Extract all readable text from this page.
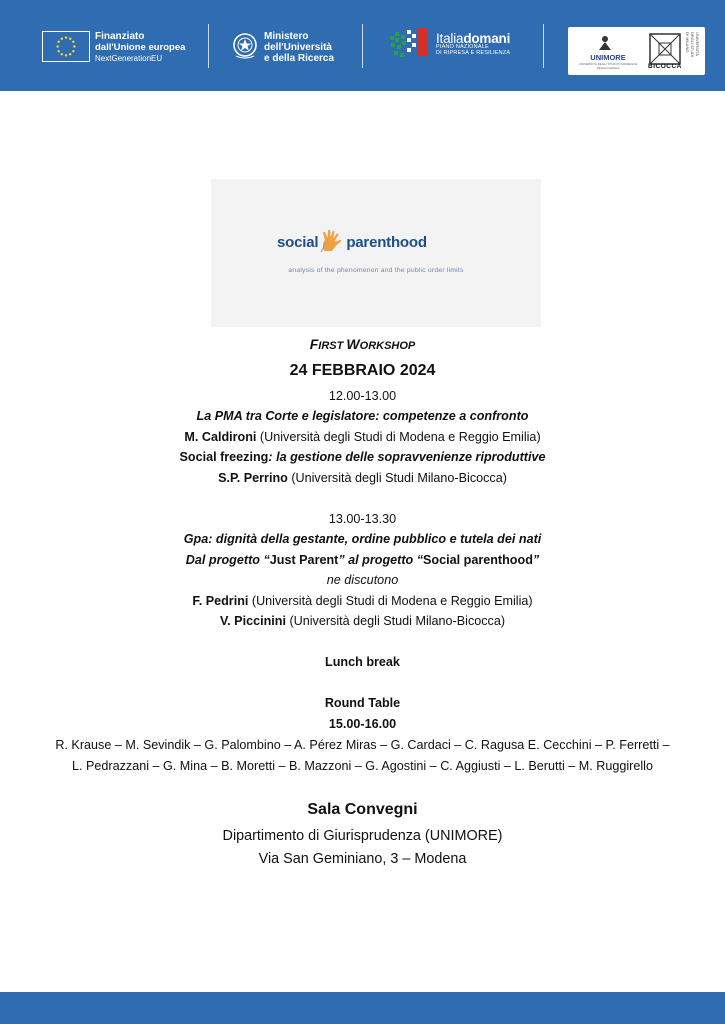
Finanziato
dall'Unione europea
NextGenerationEU
Ministero
dell'Università
e della Ricerca
Italiadomani
PIANO NAZIONALE
DI RIPRESA E RESILIENZA	UNIMORE
UNIVERSITÀ DEGLI STUDI DI MODENA E REGGIO EMILIA
UNIVERSITÀ DEGLI STUDI DI MILANO
BICOCCA
social parenthood
analysis of the phenomenon and the public order limits
FIRST WORKSHOP
24 FEBBRAIO 2024
12.00-13.00
La PMA tra Corte e legislatore: competenze a confronto
M. Caldironi (Università degli Studi di Modena e Reggio Emilia)
Social freezing: la gestione delle sopravvenienze riproduttive
S.P. Perrino (Università degli Studi Milano-Bicocca)
13.00-13.30
Gpa: dignità della gestante, ordine pubblico e tutela dei nati
Dal progetto “Just Parent” al progetto “Social parenthood”
ne discutono
F. Pedrini (Università degli Studi di Modena e Reggio Emilia)
V. Piccinini (Università degli Studi Milano-Bicocca)
Lunch break
Round Table
15.00-16.00
R. Krause – M. Sevindik – G. Palombino – A. Pérez Miras – G. Cardaci – C. Ragusa E. Cecchini – P. Ferretti –
L. Pedrazzani – G. Mina – B. Moretti – B. Mazzoni – G. Agostini – C. Aggiusti – L. Berutti – M. Ruggirello
Sala Convegni
Dipartimento di Giurisprudenza (UNIMORE)
Via San Geminiano, 3 – Modena
